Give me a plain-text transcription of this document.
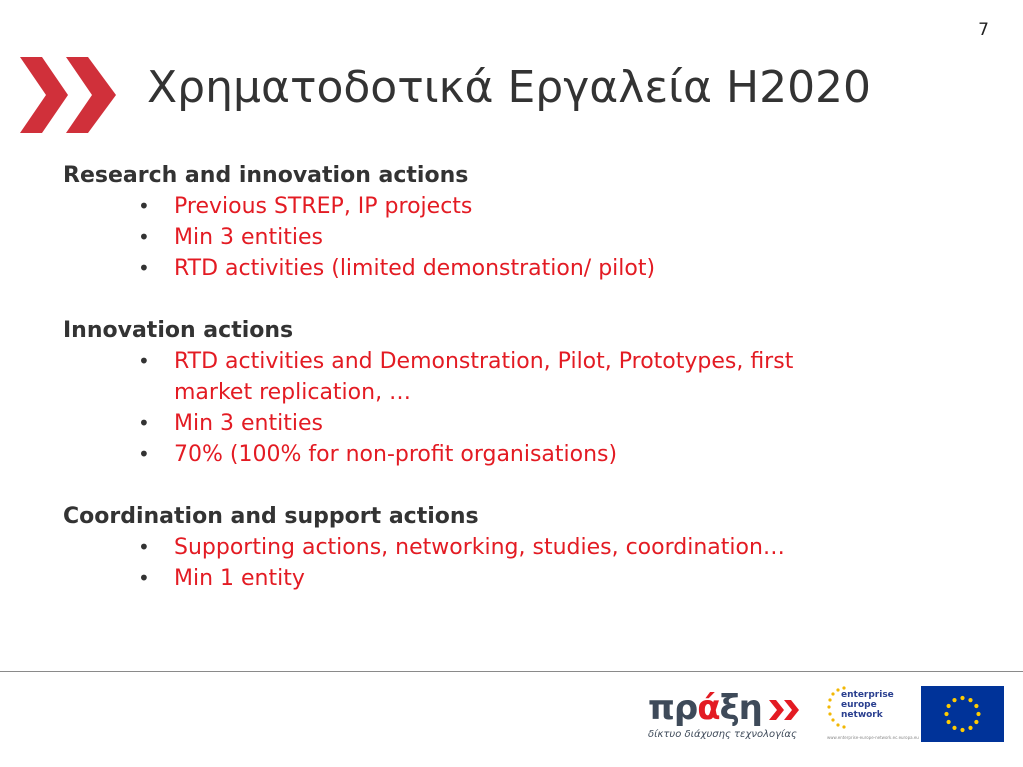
7
Χρηματοδοτικά Εργαλεία H2020
Research and innovation actions
• Previous STREP, IP projects
• Min 3 entities
• RTD activities (limited demonstration/ pilot)
Innovation actions
• RTD activities and Demonstration, Pilot, Prototypes, first market replication, …
• Min 3 entities
• 70% (100% for non-profit organisations)
Coordination and support actions
• Supporting actions, networking, studies, coordination…
• Min 1 entity
πράξη
δίκτυο διάχυσης τεχνολογίας
enterprise
europe
network
www.enterprise-europe-network.ec.europa.eu
